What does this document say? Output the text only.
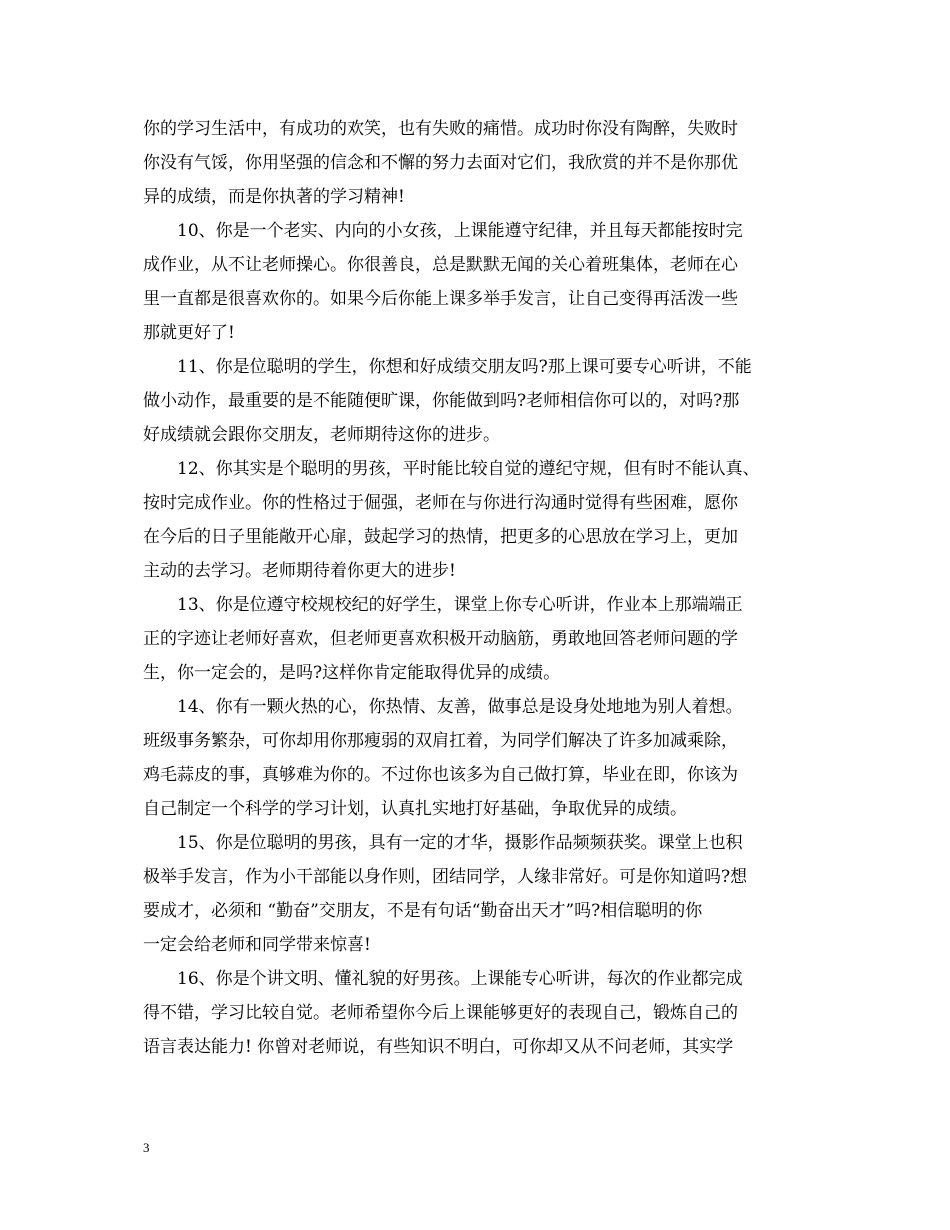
你的学习生活中，有成功的欢笑，也有失败的痛惜。成功时你没有陶醉，失败时
你没有气馁，你用坚强的信念和不懈的努力去面对它们，我欣赏的并不是你那优
异的成绩，而是你执著的学习精神!
10、你是一个老实、内向的小女孩，上课能遵守纪律，并且每天都能按时完
成作业，从不让老师操心。你很善良，总是默默无闻的关心着班集体，老师在心
里一直都是很喜欢你的。如果今后你能上课多举手发言，让自己变得再活泼一些
那就更好了!
11、你是位聪明的学生，你想和好成绩交朋友吗?那上课可要专心听讲，不能
做小动作，最重要的是不能随便旷课，你能做到吗?老师相信你可以的，对吗?那
好成绩就会跟你交朋友，老师期待这你的进步。
12、你其实是个聪明的男孩，平时能比较自觉的遵纪守规，但有时不能认真、
按时完成作业。你的性格过于倔强，老师在与你进行沟通时觉得有些困难，愿你
在今后的日子里能敞开心扉，鼓起学习的热情，把更多的心思放在学习上，更加
主动的去学习。老师期待着你更大的进步!
13、你是位遵守校规校纪的好学生，课堂上你专心听讲，作业本上那端端正
正的字迹让老师好喜欢，但老师更喜欢积极开动脑筋，勇敢地回答老师问题的学
生，你一定会的，是吗?这样你肯定能取得优异的成绩。
14、你有一颗火热的心，你热情、友善，做事总是设身处地地为别人着想。
班级事务繁杂，可你却用你那瘦弱的双肩扛着，为同学们解决了许多加减乘除，
鸡毛蒜皮的事，真够难为你的。不过你也该多为自己做打算，毕业在即，你该为
自己制定一个科学的学习计划，认真扎实地打好基础，争取优异的成绩。
15、你是位聪明的男孩，具有一定的才华，摄影作品频频获奖。课堂上也积
极举手发言，作为小干部能以身作则，团结同学，人缘非常好。可是你知道吗?想
要成才，必须和 “勤奋”交朋友，不是有句话“勤奋出天才”吗?相信聪明的你
一定会给老师和同学带来惊喜!
16、你是个讲文明、懂礼貌的好男孩。上课能专心听讲，每次的作业都完成
得不错，学习比较自觉。老师希望你今后上课能够更好的表现自己，锻炼自己的
语言表达能力! 你曾对老师说，有些知识不明白，可你却又从不问老师，其实学
3
